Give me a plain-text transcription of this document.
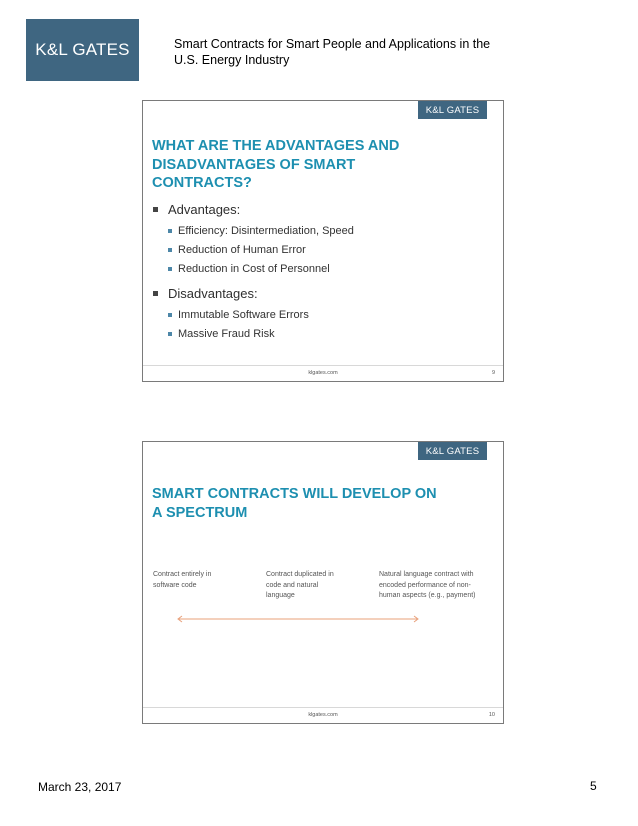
K&L GATES	Smart Contracts for Smart People and Applications in the U.S. Energy Industry
K&L GATES
WHAT ARE THE ADVANTAGES AND DISADVANTAGES OF SMART CONTRACTS?
Advantages:
Efficiency: Disintermediation, Speed
Reduction of Human Error
Reduction in Cost of Personnel
Disadvantages:
Immutable Software Errors
Massive Fraud Risk
klgates.com	9
K&L GATES
SMART CONTRACTS WILL DEVELOP ON A SPECTRUM
Contract entirely in software code
Contract duplicated in code and natural language
Natural language contract with encoded performance of non-human aspects (e.g., payment)
klgates.com	10
March 23, 2017	5
